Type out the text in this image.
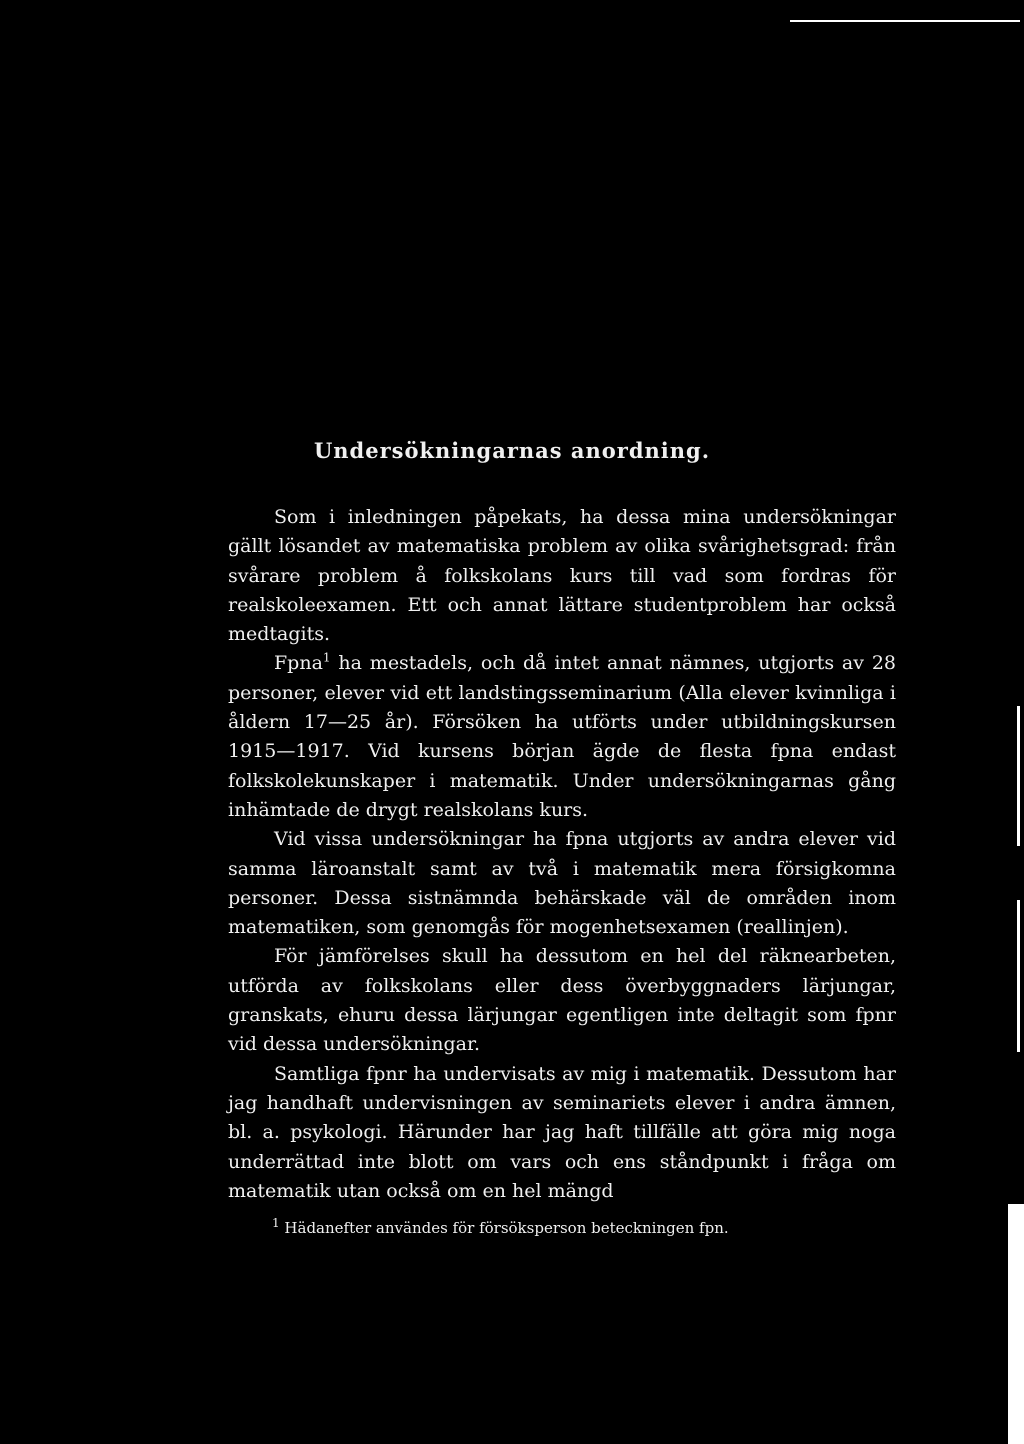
Undersökningarnas anordning.

Som i inledningen påpekats, ha dessa mina undersökningar gällt lösandet av matematiska problem av olika svårighetsgrad: från svårare problem å folkskolans kurs till vad som fordras för realskoleexamen. Ett och annat lättare studentproblem har också medtagits.

Fpna$^1$ ha mestadels, och då intet annat nämnes, utgjorts av 28 personer, elever vid ett landstingsseminarium (Alla elever kvinnliga i åldern 17—25 år). Försöken ha utförts under utbildningskursen 1915—1917. Vid kursens början ägde de flesta fpna endast folkskolekunskaper i matematik. Under undersökningarnas gång inhämtade de drygt realskolans kurs.

Vid vissa undersökningar ha fpna utgjorts av andra elever vid samma läroanstalt samt av två i matematik mera försigkomna personer. Dessa sistnämnda behärskade väl de områden inom matematiken, som genomgås för mogenhetsexamen (reallinjen).

För jämförelses skull ha dessutom en hel del räknearbeten, utförda av folkskolans eller dess överbyggnaders lärjungar, granskats, ehuru dessa lärjungar egentligen inte deltagit som fpnr vid dessa undersökningar.

Samtliga fpnr ha undervisats av mig i matematik. Dessutom har jag handhaft undervisningen av seminariets elever i andra ämnen, bl. a. psykologi. Härunder har jag haft tillfälle att göra mig noga underrättad inte blott om vars och ens ståndpunkt i fråga om matematik utan också om en hel mängd

$^1$ Hädanefter användes för försöksperson beteckningen fpn.
